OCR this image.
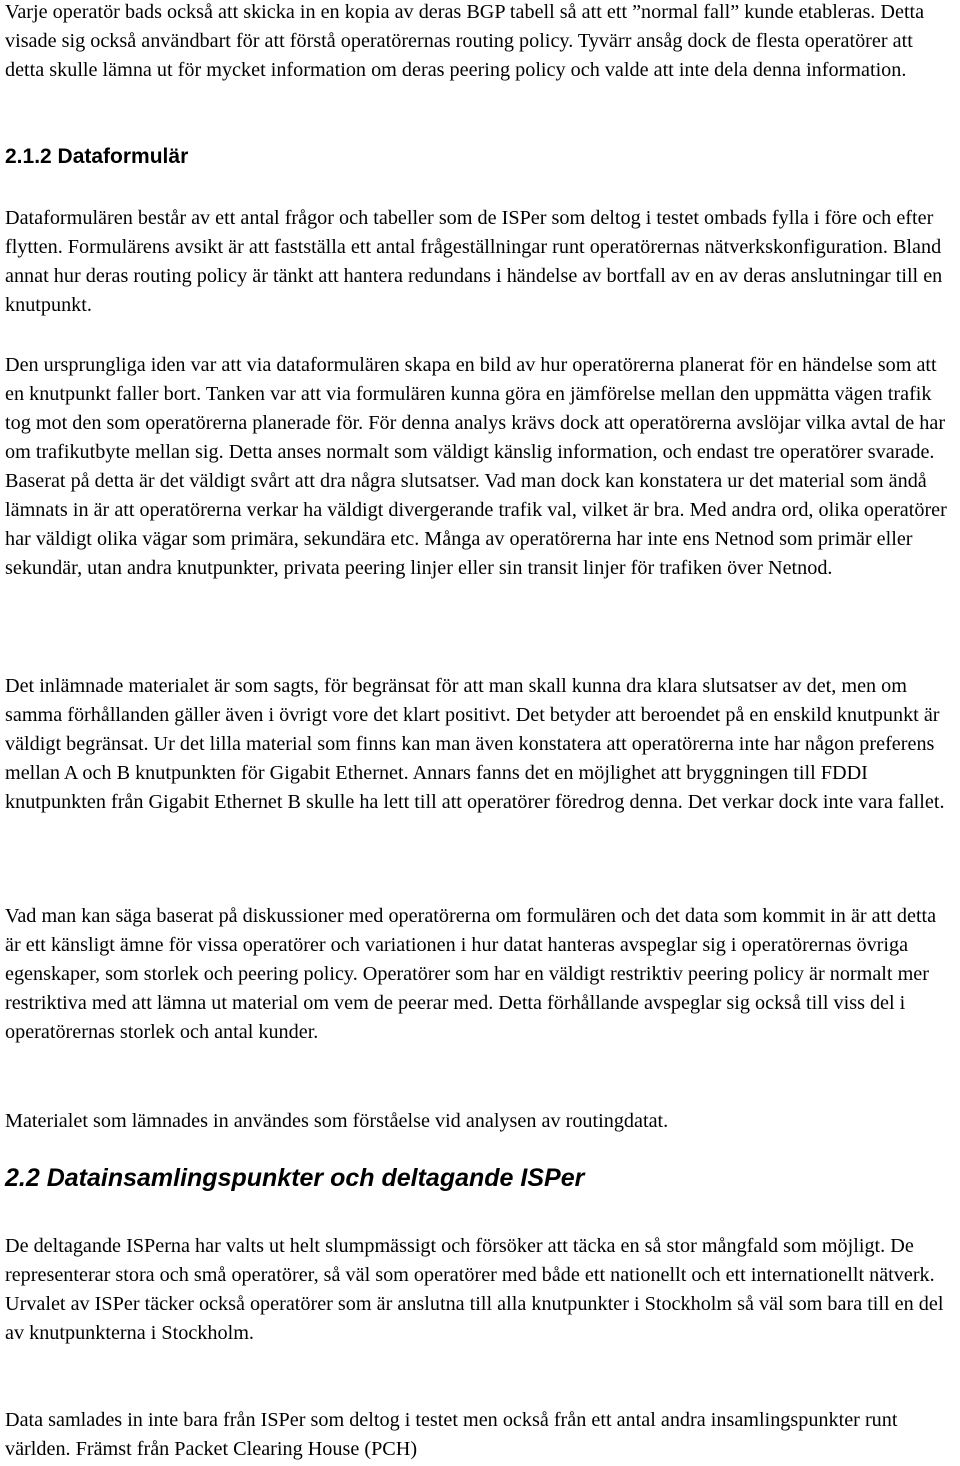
Varje operatör bads också att skicka in en kopia av deras BGP tabell så att ett ”normal fall” kunde etableras. Detta visade sig också användbart för att förstå operatörernas routing policy. Tyvärr ansåg dock de flesta operatörer att detta skulle lämna ut för mycket information om deras peering policy och valde att inte dela denna information.

2.1.2 Dataformulär

Dataformulären består av ett antal frågor och tabeller som de ISPer som deltog i testet ombads fylla i före och efter flytten. Formulärens avsikt är att fastställa ett antal frågeställningar runt operatörernas nätverkskonfiguration. Bland annat hur deras routing policy är tänkt att hantera redundans i händelse av bortfall av en av deras anslutningar till en knutpunkt.

Den ursprungliga iden var att via dataformulären skapa en bild av hur operatörerna planerat för en händelse som att en knutpunkt faller bort. Tanken var att via formulären kunna göra en jämförelse mellan den uppmätta vägen trafik tog mot den som operatörerna planerade för. För denna analys krävs dock att operatörerna avslöjar vilka avtal de har om trafikutbyte mellan sig. Detta anses normalt som väldigt känslig information, och endast tre operatörer svarade. Baserat på detta är det väldigt svårt att dra några slutsatser. Vad man dock kan konstatera ur det material som ändå lämnats in är att operatörerna verkar ha väldigt divergerande trafik val, vilket är bra. Med andra ord, olika operatörer har väldigt olika vägar som primära, sekundära etc. Många av operatörerna har inte ens Netnod som primär eller sekundär, utan andra knutpunkter, privata peering linjer eller sin transit linjer för trafiken över Netnod.

Det inlämnade materialet är som sagts, för begränsat för att man skall kunna dra klara slutsatser av det, men om samma förhållanden gäller även i övrigt vore det klart positivt. Det betyder att beroendet på en enskild knutpunkt är väldigt begränsat. Ur det lilla material som finns kan man även konstatera att operatörerna inte har någon preferens mellan A och B knutpunkten för Gigabit Ethernet. Annars fanns det en möjlighet att bryggningen till FDDI knutpunkten från Gigabit Ethernet B skulle ha lett till att operatörer föredrog denna. Det verkar dock inte vara fallet.

Vad man kan säga baserat på diskussioner med operatörerna om formulären och det data som kommit in är att detta är ett känsligt ämne för vissa operatörer och variationen i hur datat hanteras avspeglar sig i operatörernas övriga egenskaper, som storlek och peering policy. Operatörer som har en väldigt restriktiv peering policy är normalt mer restriktiva med att lämna ut material om vem de peerar med. Detta förhållande avspeglar sig också till viss del i operatörernas storlek och antal kunder.

Materialet som lämnades in användes som förståelse vid analysen av routingdatat.

2.2 Datainsamlingspunkter och deltagande ISPer

De deltagande ISPerna har valts ut helt slumpmässigt och försöker att täcka en så stor mångfald som möjligt. De representerar stora och små operatörer, så väl som operatörer med både ett nationellt och ett internationellt nätverk. Urvalet av ISPer täcker också operatörer som är anslutna till alla knutpunkter i Stockholm så väl som bara till en del av knutpunkterna i Stockholm.

Data samlades in inte bara från ISPer som deltog i testet men också från ett antal andra insamlingspunkter runt världen. Främst från Packet Clearing House (PCH)
